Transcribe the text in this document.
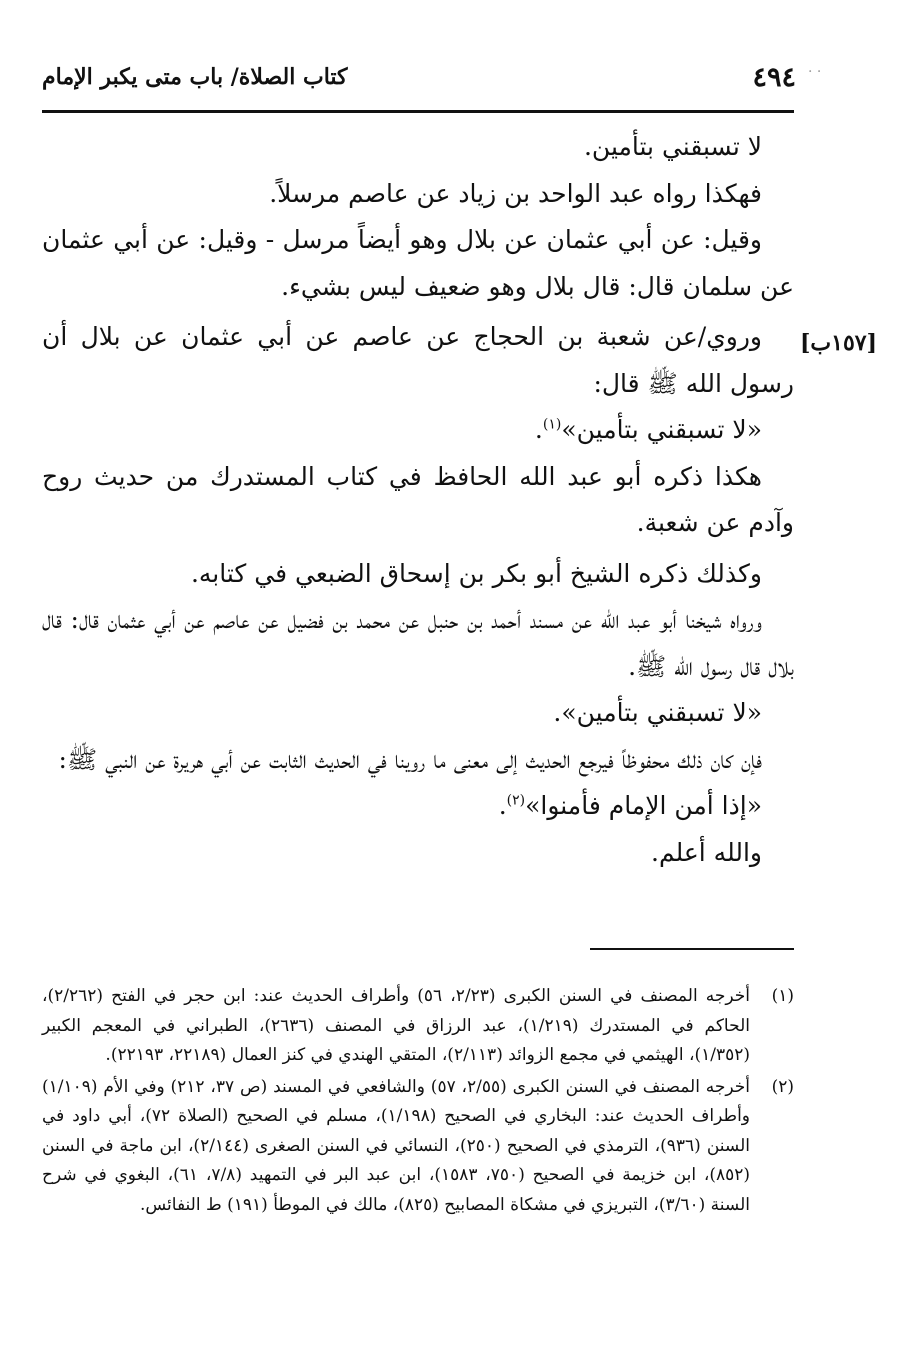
· ·
٤٩٤
كتاب الصلاة/ باب متى يكبر الإمام
[١٥٧ب]

لا تسبقني بتأمين.

فهكذا رواه عبد الواحد بن زياد عن عاصم مرسلاً.

وقيل: عن أبي عثمان عن بلال وهو أيضاً مرسل - وقيل: عن أبي عثمان عن سلمان قال: قال بلال وهو ضعيف ليس بشيء.

وروي/عن شعبة بن الحجاج عن عاصم عن أبي عثمان عن بلال أن رسول الله ﷺ قال:

«لا تسبقني بتأمين»$^{(١)}$.

هكذا ذكره أبو عبد الله الحافظ في كتاب المستدرك من حديث روح وآدم عن شعبة.

وكذلك ذكره الشيخ أبو بكر بن إسحاق الضبعي في كتابه.

ورواه شيخنا أبو عبد الله عن مسند أحمد بن حنبل عن محمد بن فضيل عن عاصم عن أبي عثمان قال: قال بلال قال رسول الله ﷺ.

«لا تسبقني بتأمين».

فإن كان ذلك محفوظاً فيرجع الحديث إلى معنى ما روينا في الحديث الثابت عن أبي هريرة عن النبي ﷺ:

«إذا أمن الإمام فأمنوا»$^{(٢)}$.

والله أعلم.

(١)
أخرجه المصنف في السنن الكبرى (٢/٢٣، ٥٦) وأطراف الحديث عند: ابن حجر في الفتح (٢/٢٦٢)، الحاكم في المستدرك (١/٢١٩)، عبد الرزاق في المصنف (٢٦٣٦)، الطبراني في المعجم الكبير (١/٣٥٢)، الهيثمي في مجمع الزوائد (٢/١١٣)، المتقي الهندي في كنز العمال (٢٢١٨٩، ٢٢١٩٣).
(٢)
أخرجه المصنف في السنن الكبرى (٢/٥٥، ٥٧) والشافعي في المسند (ص ٣٧، ٢١٢) وفي الأم (١/١٠٩) وأطراف الحديث عند: البخاري في الصحيح (١/١٩٨)، مسلم في الصحيح (الصلاة ٧٢)، أبي داود في السنن (٩٣٦)، الترمذي في الصحيح (٢٥٠)، النسائي في السنن الصغرى (٢/١٤٤)، ابن ماجة في السنن (٨٥٢)، ابن خزيمة في الصحيح (٧٥٠، ١٥٨٣)، ابن عبد البر في التمهيد (٧/٨، ٦١)، البغوي في شرح السنة (٣/٦٠)، التبريزي في مشكاة المصابيح (٨٢٥)، مالك في الموطأ (١٩١) ط النفائس.
